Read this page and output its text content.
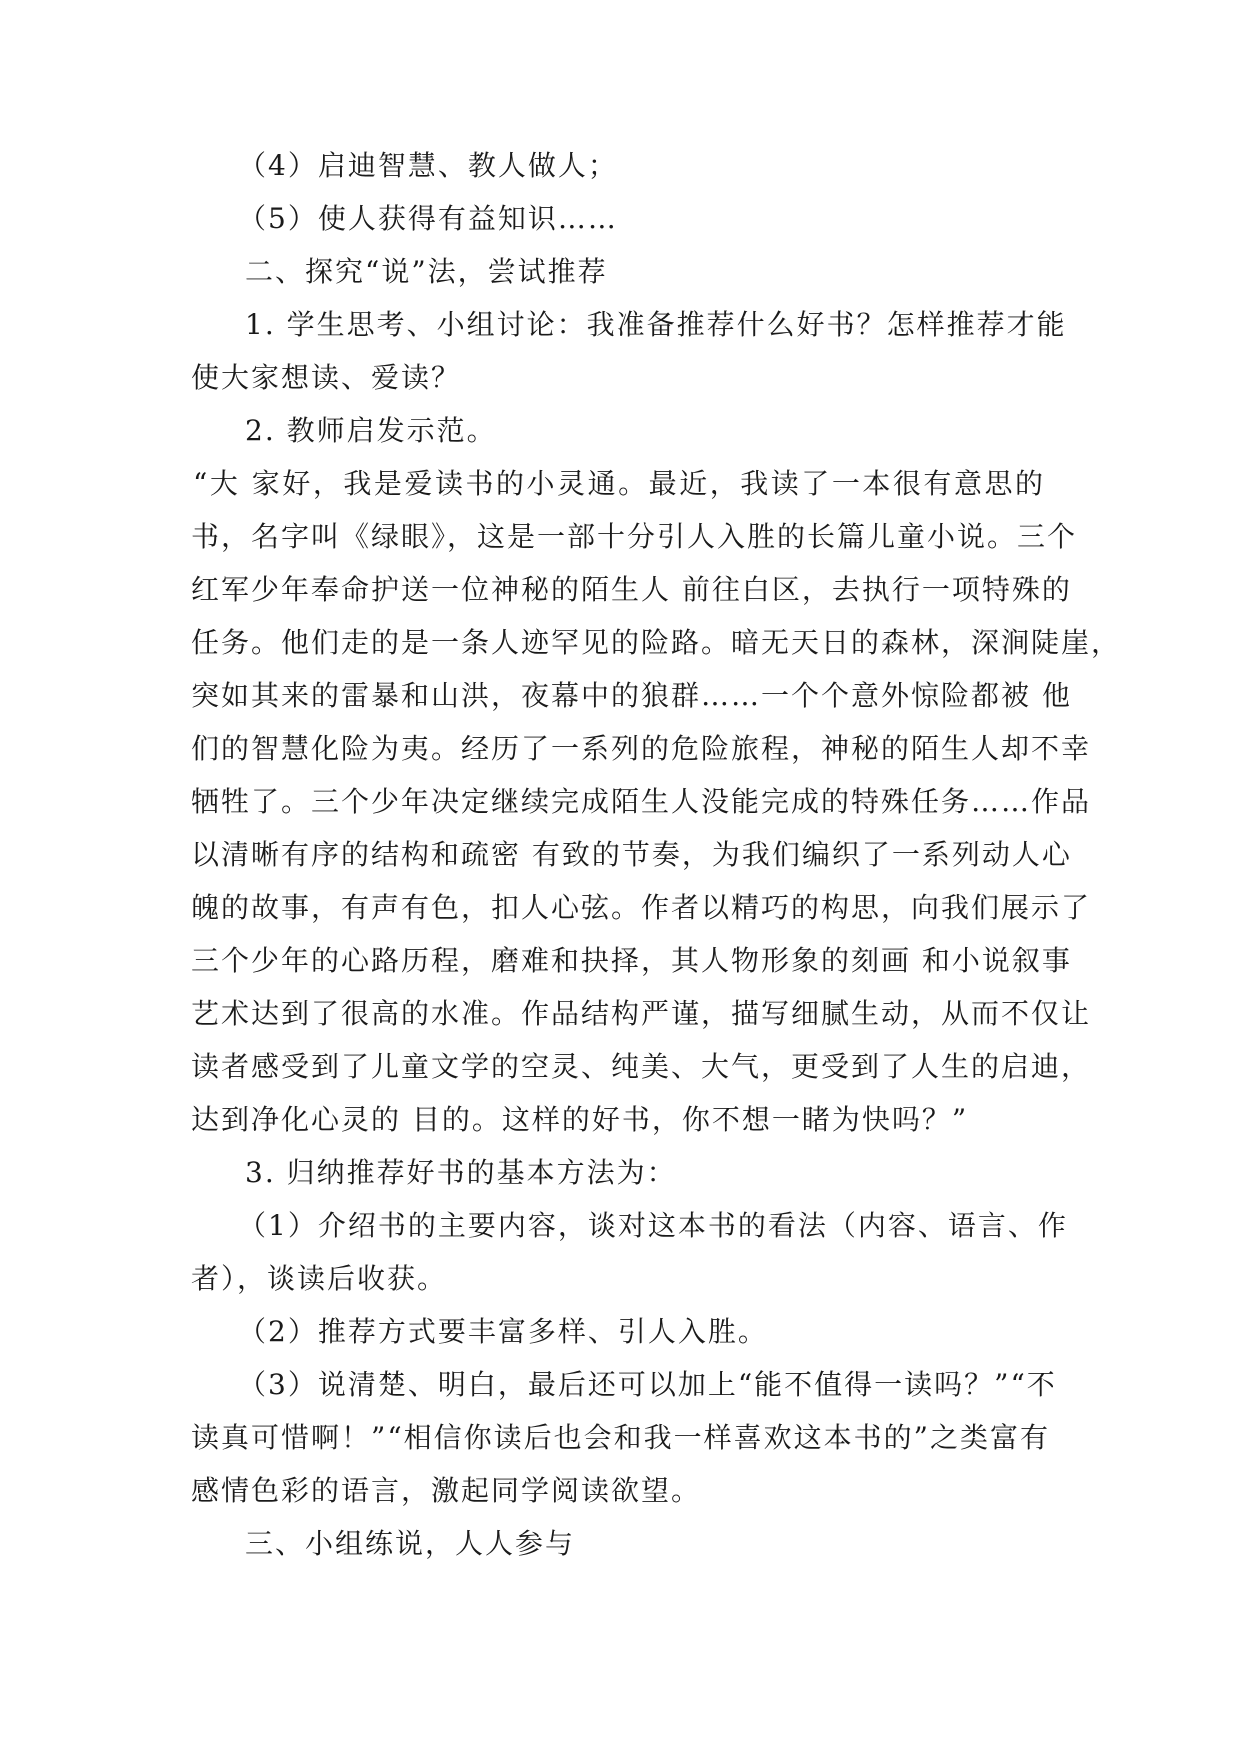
（4）启迪智慧、教人做人；
（5）使人获得有益知识……
二、探究“说”法，尝试推荐
1. 学生思考、小组讨论：我准备推荐什么好书？怎样推荐才能
使大家想读、爱读？
2. 教师启发示范。
“大 家好，我是爱读书的小灵通。最近，我读了一本很有意思的
书，名字叫《绿眼》，这是一部十分引人入胜的长篇儿童小说。三个
红军少年奉命护送一位神秘的陌生人 前往白区，去执行一项特殊的
任务。他们走的是一条人迹罕见的险路。暗无天日的森林，深涧陡崖，
突如其来的雷暴和山洪，夜幕中的狼群……一个个意外惊险都被 他
们的智慧化险为夷。经历了一系列的危险旅程，神秘的陌生人却不幸
牺牲了。三个少年决定继续完成陌生人没能完成的特殊任务……作品
以清晰有序的结构和疏密 有致的节奏，为我们编织了一系列动人心
魄的故事，有声有色，扣人心弦。作者以精巧的构思，向我们展示了
三个少年的心路历程，磨难和抉择，其人物形象的刻画 和小说叙事
艺术达到了很高的水准。作品结构严谨，描写细腻生动，从而不仅让
读者感受到了儿童文学的空灵、纯美、大气，更受到了人生的启迪，
达到净化心灵的 目的。这样的好书，你不想一睹为快吗？”
3. 归纳推荐好书的基本方法为：
（1）介绍书的主要内容，谈对这本书的看法（内容、语言、作
者），谈读后收获。
（2）推荐方式要丰富多样、引人入胜。
（3）说清楚、明白，最后还可以加上“能不值得一读吗？”“不
读真可惜啊！”“相信你读后也会和我一样喜欢这本书的”之类富有
感情色彩的语言，激起同学阅读欲望。
三、小组练说，人人参与
